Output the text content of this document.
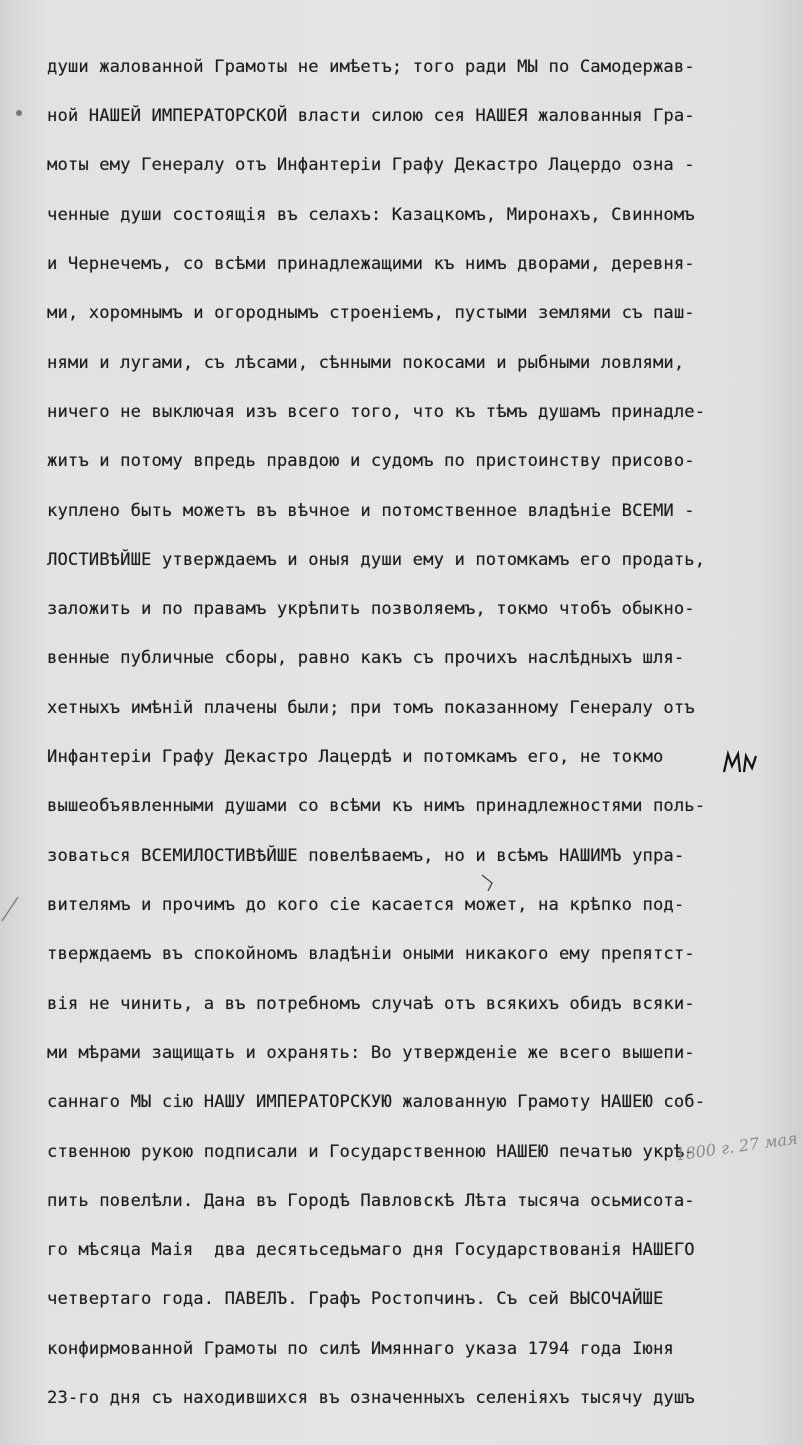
души жалованной Грамоты не имѣетъ; того ради МЫ по Самодержав-
ной НАШЕЙ ИМПЕРАТОРСКОЙ власти силою сея НАШЕЯ жалованныя Гра-
моты ему Генералу отъ Инфантерiи Графу Декастро Лацердо озна -
ченные души состоящiя въ селахъ: Казацкомъ, Миронахъ, Свинномъ
и Чернечемъ, со всѣми принадлежащими къ нимъ дворами, деревня-
ми, хоромнымъ и огороднымъ строенiемъ, пустыми землями съ паш-
нями и лугами, съ лѣсами, сѣнными покосами и рыбными ловлями,
ничего не выключая изъ всего того, что къ тѣмъ душамъ принадле-
житъ и потому впредь правдою и судомъ по пристоинству присово-
куплено быть можетъ въ вѣчное и потомственное владѣнiе ВСЕМИ -
ЛОСТИВѢЙШЕ утверждаемъ и оныя души ему и потомкамъ его продать,
заложить и по правамъ укрѣпить позволяемъ, токмо чтобъ обыкно-
венные публичные сборы, равно какъ съ прочихъ наслѣдныхъ шля-
хетныхъ имѣнiй плачены были; при томъ показанному Генералу отъ
Инфантерiи Графу Декастро Лацердѣ и потомкамъ его, не токмо
вышеобъявленными душами со всѣми къ нимъ принадлежностями поль-
зоваться ВСЕМИЛОСТИВѢЙШЕ повелѣваемъ, но и всѣмъ НАШИМЪ упра-
вителямъ и прочимъ до кого сiе касается может, на крѣпко под-
тверждаемъ въ спокойномъ владѣнiи оными никакого ему препятст-
вiя не чинить, а въ потребномъ случаѣ отъ всякихъ обидъ всяки-
ми мѣрами защищать и охранять: Во утвержденiе же всего вышепи-
саннаго МЫ сiю НАШУ ИМПЕРАТОРСКУЮ жалованную Грамоту НАШЕЮ соб-
ственною рукою подписали и Государственною НАШЕЮ печатью укрѣ-
пить повелѣли. Дана въ Городѣ Павловскѣ Лѣта тысяча осьмисота-
го мѣсяца Маiя  два десятьседьмаго дня Государствованiя НАШЕГО
четвертаго года. ПАВЕЛЪ. Графъ Ростопчинъ. Съ сей ВЫСОЧАЙШЕ
конфирмованной Грамоты по силѣ Имяннаго указа 1794 года Iюня
23-го дня съ находившихся въ означенныхъ селенiяхъ тысячу душъ
1800 г. 27 мая
